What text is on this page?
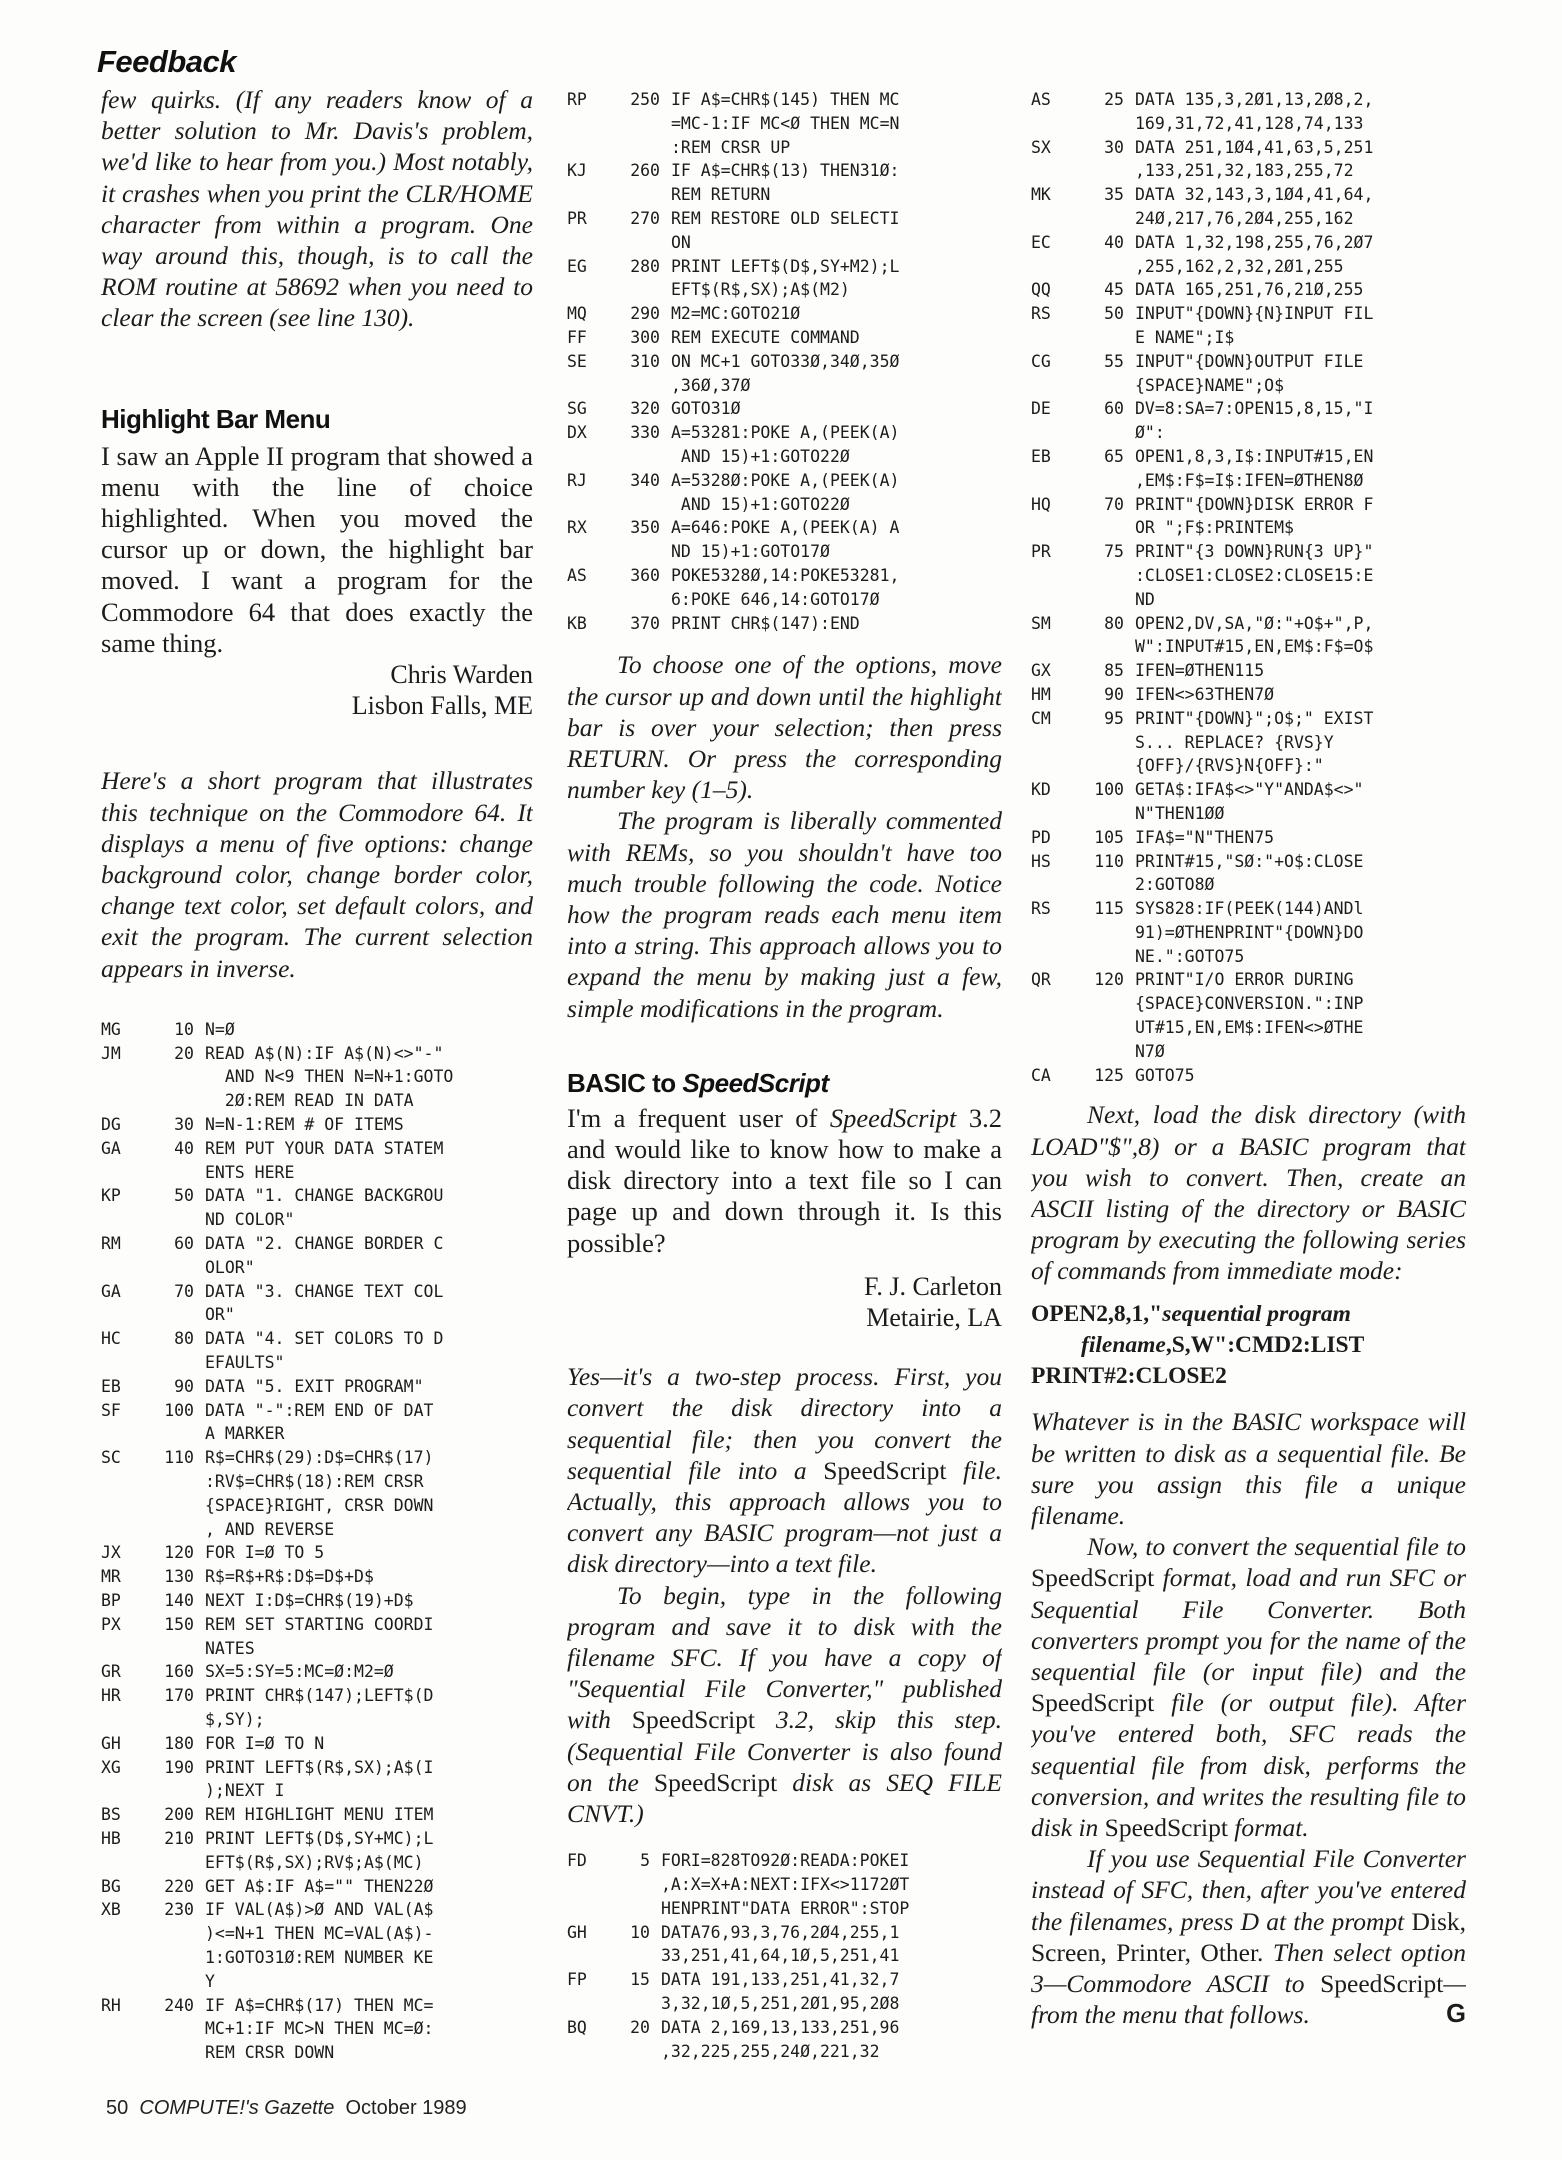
Feedback

few quirks. (If any readers know of a better solution to Mr. Davis's problem, we'd like to hear from you.) Most notably, it crashes when you print the CLR/HOME character from within a program. One way around this, though, is to call the ROM routine at 58692 when you need to clear the screen (see line 130).

Highlight Bar Menu

I saw an Apple II program that showed a menu with the line of choice highlighted. When you moved the cursor up or down, the highlight bar moved. I want a program for the Commodore 64 that does exactly the same thing.

Chris Warden

Lisbon Falls, ME

Here's a short program that illustrates this technique on the Commodore 64. It displays a menu of five options: change background color, change border color, change text color, set default colors, and exit the program. The current selection appears in inverse.

MG	10 N=Ø
JM	20 READ A$(N):IF A$(N)<>"-"
AND N<9 THEN N=N+1:GOTO
2Ø:REM READ IN DATA
DG	30 N=N-1:REM # OF ITEMS
GA	40 REM PUT YOUR DATA STATEM
ENTS HERE
KP	50 DATA "1. CHANGE BACKGROU
ND COLOR"
RM	60 DATA "2. CHANGE BORDER C
OLOR"
GA	70 DATA "3. CHANGE TEXT COL
OR"
HC	80 DATA "4. SET COLORS TO D
EFAULTS"
EB	90 DATA "5. EXIT PROGRAM"
SF	100 DATA "-":REM END OF DAT
A MARKER
SC	110 R$=CHR$(29):D$=CHR$(17)
:RV$=CHR$(18):REM CRSR
{SPACE}RIGHT, CRSR DOWN
, AND REVERSE
JX	120 FOR I=Ø TO 5
MR	130 R$=R$+R$:D$=D$+D$
BP	140 NEXT I:D$=CHR$(19)+D$
PX	150 REM SET STARTING COORDI
NATES
GR	160 SX=5:SY=5:MC=Ø:M2=Ø
HR	170 PRINT CHR$(147);LEFT$(D
$,SY);
GH	180 FOR I=Ø TO N
XG	190 PRINT LEFT$(R$,SX);A$(I
);NEXT I
BS	200 REM HIGHLIGHT MENU ITEM
HB	210 PRINT LEFT$(D$,SY+MC);L
EFT$(R$,SX);RV$;A$(MC)
BG	220 GET A$:IF A$="" THEN22Ø
XB	230 IF VAL(A$)>Ø AND VAL(A$
)<=N+1 THEN MC=VAL(A$)-
1:GOTO31Ø:REM NUMBER KE
Y
RH	240 IF A$=CHR$(17) THEN MC=
MC+1:IF MC>N THEN MC=Ø:
REM CRSR DOWN
RP	250 IF A$=CHR$(145) THEN MC
=MC-1:IF MC<Ø THEN MC=N
:REM CRSR UP
KJ	260 IF A$=CHR$(13) THEN31Ø:
REM RETURN
PR	270 REM RESTORE OLD SELECTI
ON
EG	280 PRINT LEFT$(D$,SY+M2);L
EFT$(R$,SX);A$(M2)
MQ	290 M2=MC:GOTO21Ø
FF	300 REM EXECUTE COMMAND
SE	310 ON MC+1 GOTO33Ø,34Ø,35Ø
,36Ø,37Ø
SG	320 GOTO31Ø
DX	330 A=53281:POKE A,(PEEK(A)
AND 15)+1:GOTO22Ø
RJ	340 A=5328Ø:POKE A,(PEEK(A)
AND 15)+1:GOTO22Ø
RX	350 A=646:POKE A,(PEEK(A) A
ND 15)+1:GOTO17Ø
AS	360 POKE5328Ø,14:POKE53281,
6:POKE 646,14:GOTO17Ø
KB	370 PRINT CHR$(147):END

To choose one of the options, move the cursor up and down until the highlight bar is over your selection; then press RETURN. Or press the corresponding number key (1–5).

The program is liberally commented with REMs, so you shouldn't have too much trouble following the code. Notice how the program reads each menu item into a string. This approach allows you to expand the menu by making just a few, simple modifications in the program.

BASIC to SpeedScript

I'm a frequent user of SpeedScript 3.2 and would like to know how to make a disk directory into a text file so I can page up and down through it. Is this possible?

F. J. Carleton

Metairie, LA

Yes—it's a two-step process. First, you convert the disk directory into a sequential file; then you convert the sequential file into a SpeedScript file. Actually, this approach allows you to convert any BASIC program—not just a disk directory—into a text file.

To begin, type in the following program and save it to disk with the filename SFC. If you have a copy of "Sequential File Converter," published with SpeedScript 3.2, skip this step. (Sequential File Converter is also found on the SpeedScript disk as SEQ FILE CNVT.)

FD	5 FORI=828TO92Ø:READA:POKEI
,A:X=X+A:NEXT:IFX<>1172ØT
HENPRINT"DATA ERROR":STOP
GH	10 DATA76,93,3,76,2Ø4,255,1
33,251,41,64,1Ø,5,251,41
FP	15 DATA 191,133,251,41,32,7
3,32,1Ø,5,251,2Ø1,95,2Ø8
BQ	20 DATA 2,169,13,133,251,96
,32,225,255,24Ø,221,32
AS	25 DATA 135,3,2Ø1,13,2Ø8,2,
169,31,72,41,128,74,133
SX	30 DATA 251,1Ø4,41,63,5,251
,133,251,32,183,255,72
MK	35 DATA 32,143,3,1Ø4,41,64,
24Ø,217,76,2Ø4,255,162
EC	40 DATA 1,32,198,255,76,2Ø7
,255,162,2,32,2Ø1,255
QQ	45 DATA 165,251,76,21Ø,255
RS	50 INPUT"{DOWN}{N}INPUT FIL
E NAME";I$
CG	55 INPUT"{DOWN}OUTPUT FILE
{SPACE}NAME";O$
DE	60 DV=8:SA=7:OPEN15,8,15,"I
Ø":
EB	65 OPEN1,8,3,I$:INPUT#15,EN
,EM$:F$=I$:IFEN=ØTHEN8Ø
HQ	70 PRINT"{DOWN}DISK ERROR F
OR ";F$:PRINTEM$
PR	75 PRINT"{3 DOWN}RUN{3 UP}"
:CLOSE1:CLOSE2:CLOSE15:E
ND
SM	80 OPEN2,DV,SA,"Ø:"+O$+",P,
W":INPUT#15,EN,EM$:F$=O$
GX	85 IFEN=ØTHEN115
HM	90 IFEN<>63THEN7Ø
CM	95 PRINT"{DOWN}";O$;" EXIST
S... REPLACE? {RVS}Y
{OFF}/{RVS}N{OFF}:"
KD	100 GETA$:IFA$<>"Y"ANDA$<>"
N"THEN1ØØ
PD	105 IFA$="N"THEN75
HS	110 PRINT#15,"SØ:"+O$:CLOSE
2:GOTO8Ø
RS	115 SYS828:IF(PEEK(144)ANDl
91)=ØTHENPRINT"{DOWN}DO
NE.":GOTO75
QR	120 PRINT"I/O ERROR DURING
{SPACE}CONVERSION.":INP
UT#15,EN,EM$:IFEN<>ØTHE
N7Ø
CA	125 GOTO75

Next, load the disk directory (with LOAD"$",8) or a BASIC program that you wish to convert. Then, create an ASCII listing of the directory or BASIC program by executing the following series of commands from immediate mode:

OPEN2,8,1,"sequential program

filename,S,W":CMD2:LIST

PRINT#2:CLOSE2

Whatever is in the BASIC workspace will be written to disk as a sequential file. Be sure you assign this file a unique filename.

Now, to convert the sequential file to SpeedScript format, load and run SFC or Sequential File Converter. Both converters prompt you for the name of the sequential file (or input file) and the SpeedScript file (or output file). After you've entered both, SFC reads the sequential file from disk, performs the conversion, and writes the resulting file to disk in SpeedScript format.

If you use Sequential File Converter instead of SFC, then, after you've entered the filenames, press D at the prompt Disk, Screen, Printer, Other. Then select option 3—Commodore ASCII to SpeedScript—from the menu that follows.	G

50 COMPUTE!'s Gazette October 1989
